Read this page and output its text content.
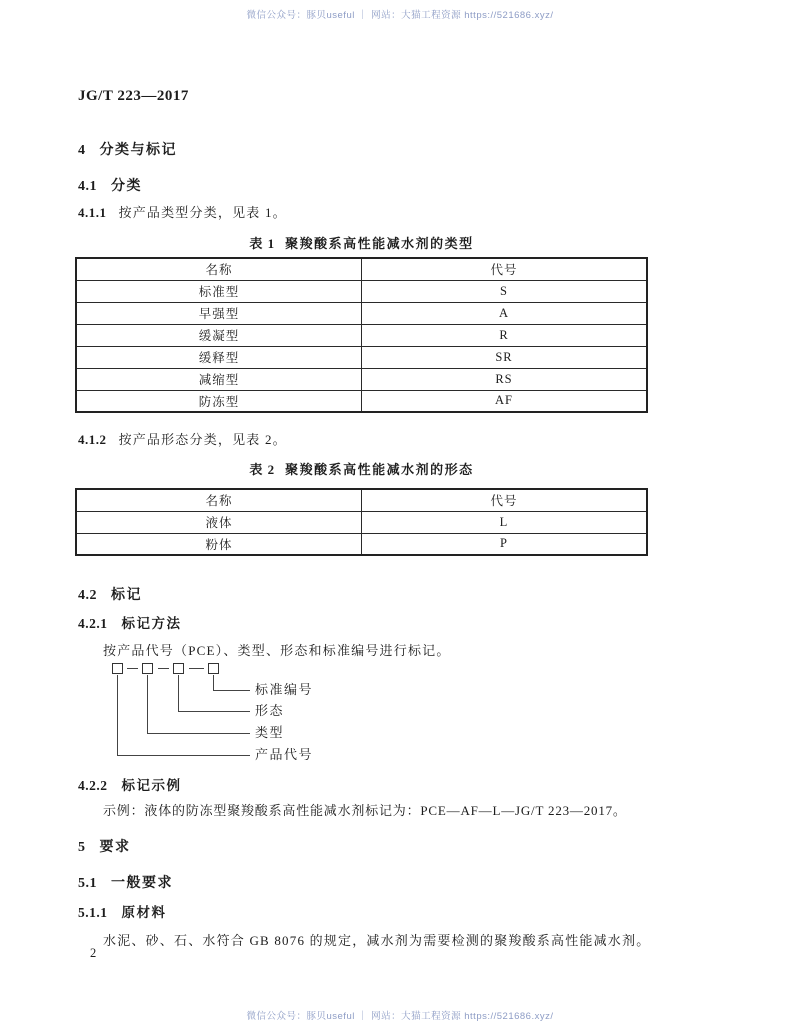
微信公众号：豚贝useful ｜ 网站：大猫工程资源 https://521686.xyz/
JG/T 223—2017
4 分类与标记
4.1 分类
4.1.1 按产品类型分类，见表 1。
表 1 聚羧酸系高性能减水剂的类型
名称	代号
标准型	S
早强型	A
缓凝型	R
缓释型	SR
减缩型	RS
防冻型	AF
4.1.2 按产品形态分类，见表 2。
表 2 聚羧酸系高性能减水剂的形态
名称	代号
液体	L
粉体	P
4.2 标记
4.2.1 标记方法
按产品代号（PCE）、类型、形态和标准编号进行标记。
标准编号
形态
类型
产品代号
4.2.2 标记示例
示例：液体的防冻型聚羧酸系高性能减水剂标记为：PCE—AF—L—JG/T 223—2017。
5 要求
5.1 一般要求
5.1.1 原材料
水泥、砂、石、水符合 GB 8076 的规定，减水剂为需要检测的聚羧酸系高性能减水剂。
2
微信公众号：豚贝useful ｜ 网站：大猫工程资源 https://521686.xyz/
